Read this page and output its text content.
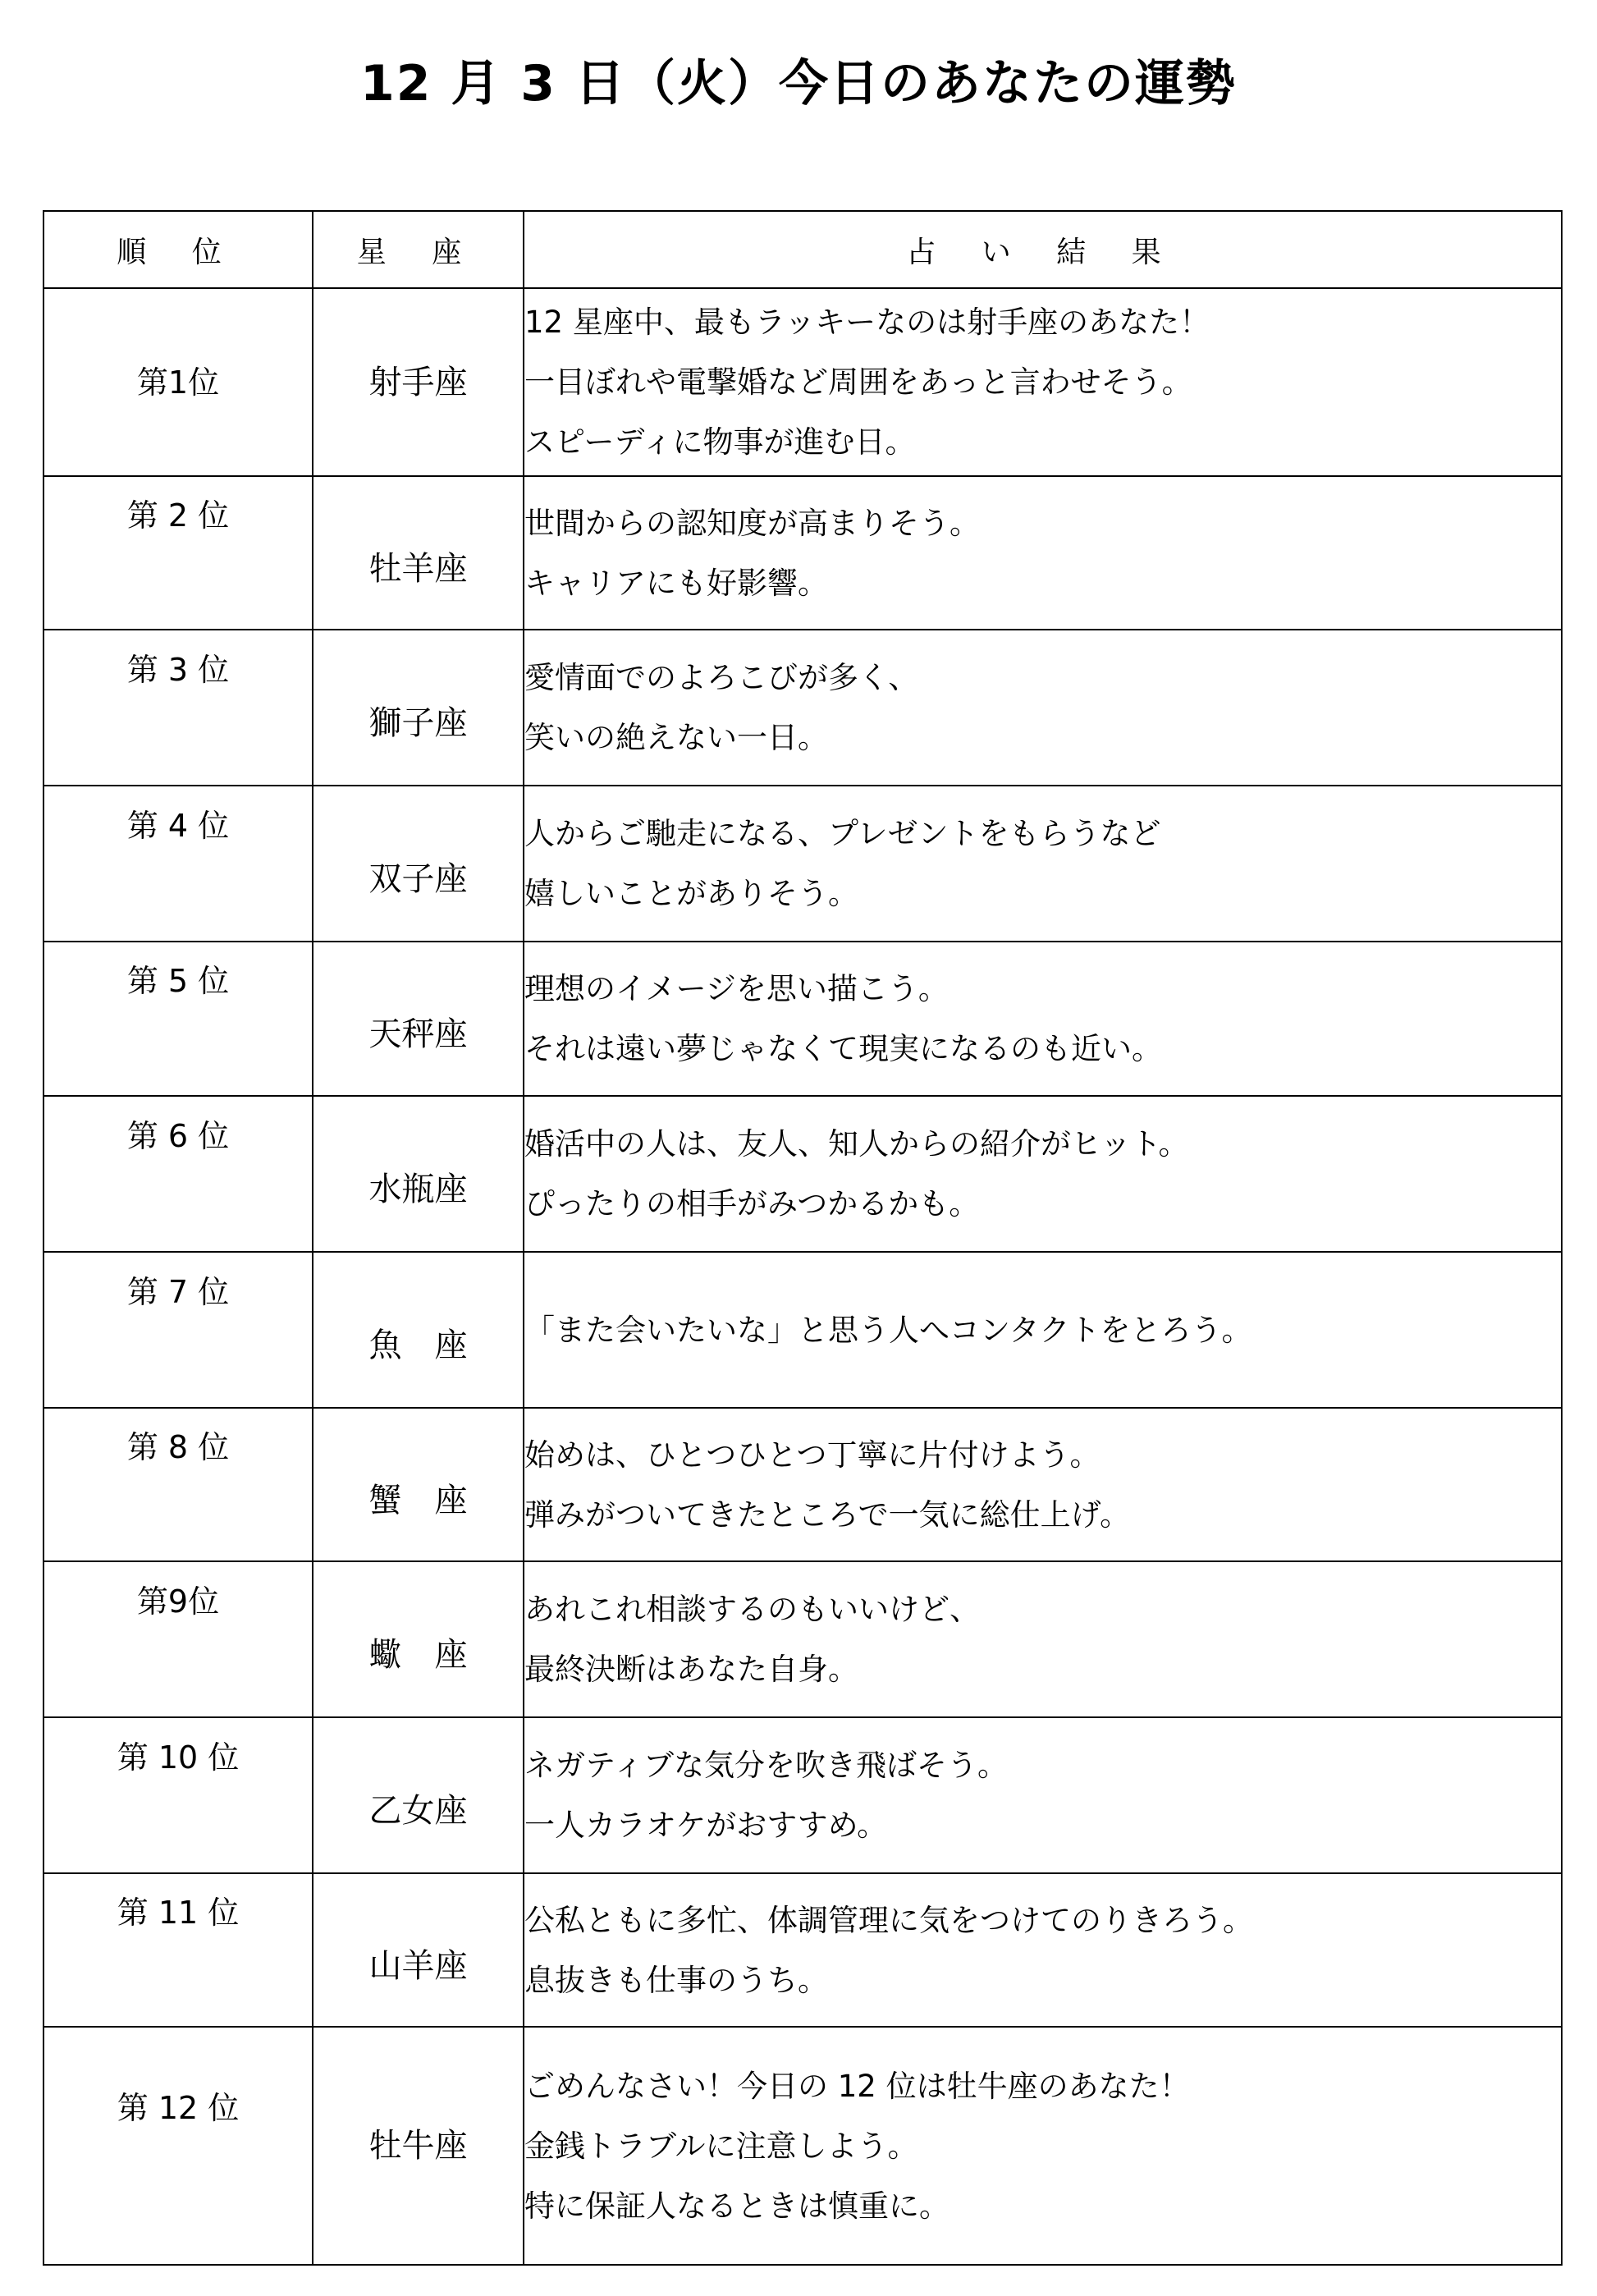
12 月 3 日（火）今日のあなたの運勢
順 位	星 座	占 い 結 果

第1位	射手座	12 星座中、最もラッキーなのは射手座のあなた！
一目ぼれや電撃婚など周囲をあっと言わせそう。
スピーディに物事が進む日。

第 2 位	牡羊座	世間からの認知度が高まりそう。
キャリアにも好影響。

第 3 位	獅子座	愛情面でのよろこびが多く、
笑いの絶えない一日。

第 4 位	双子座	人からご馳走になる、プレゼントをもらうなど
嬉しいことがありそう。

第 5 位	天秤座	理想のイメージを思い描こう。
それは遠い夢じゃなくて現実になるのも近い。

第 6 位	水瓶座	婚活中の人は、友人、知人からの紹介がヒット。
ぴったりの相手がみつかるかも。

第 7 位	魚　座	「また会いたいな」と思う人へコンタクトをとろう。

第 8 位	蟹　座	始めは、ひとつひとつ丁寧に片付けよう。
弾みがついてきたところで一気に総仕上げ。

第9位	蠍　座	あれこれ相談するのもいいけど、
最終決断はあなた自身。

第 10 位	乙女座	ネガティブな気分を吹き飛ばそう。
一人カラオケがおすすめ。

第 11 位	山羊座	公私ともに多忙、体調管理に気をつけてのりきろう。
息抜きも仕事のうち。

第 12 位	牡牛座	ごめんなさい！今日の 12 位は牡牛座のあなた！
金銭トラブルに注意しよう。
特に保証人なるときは慎重に。
